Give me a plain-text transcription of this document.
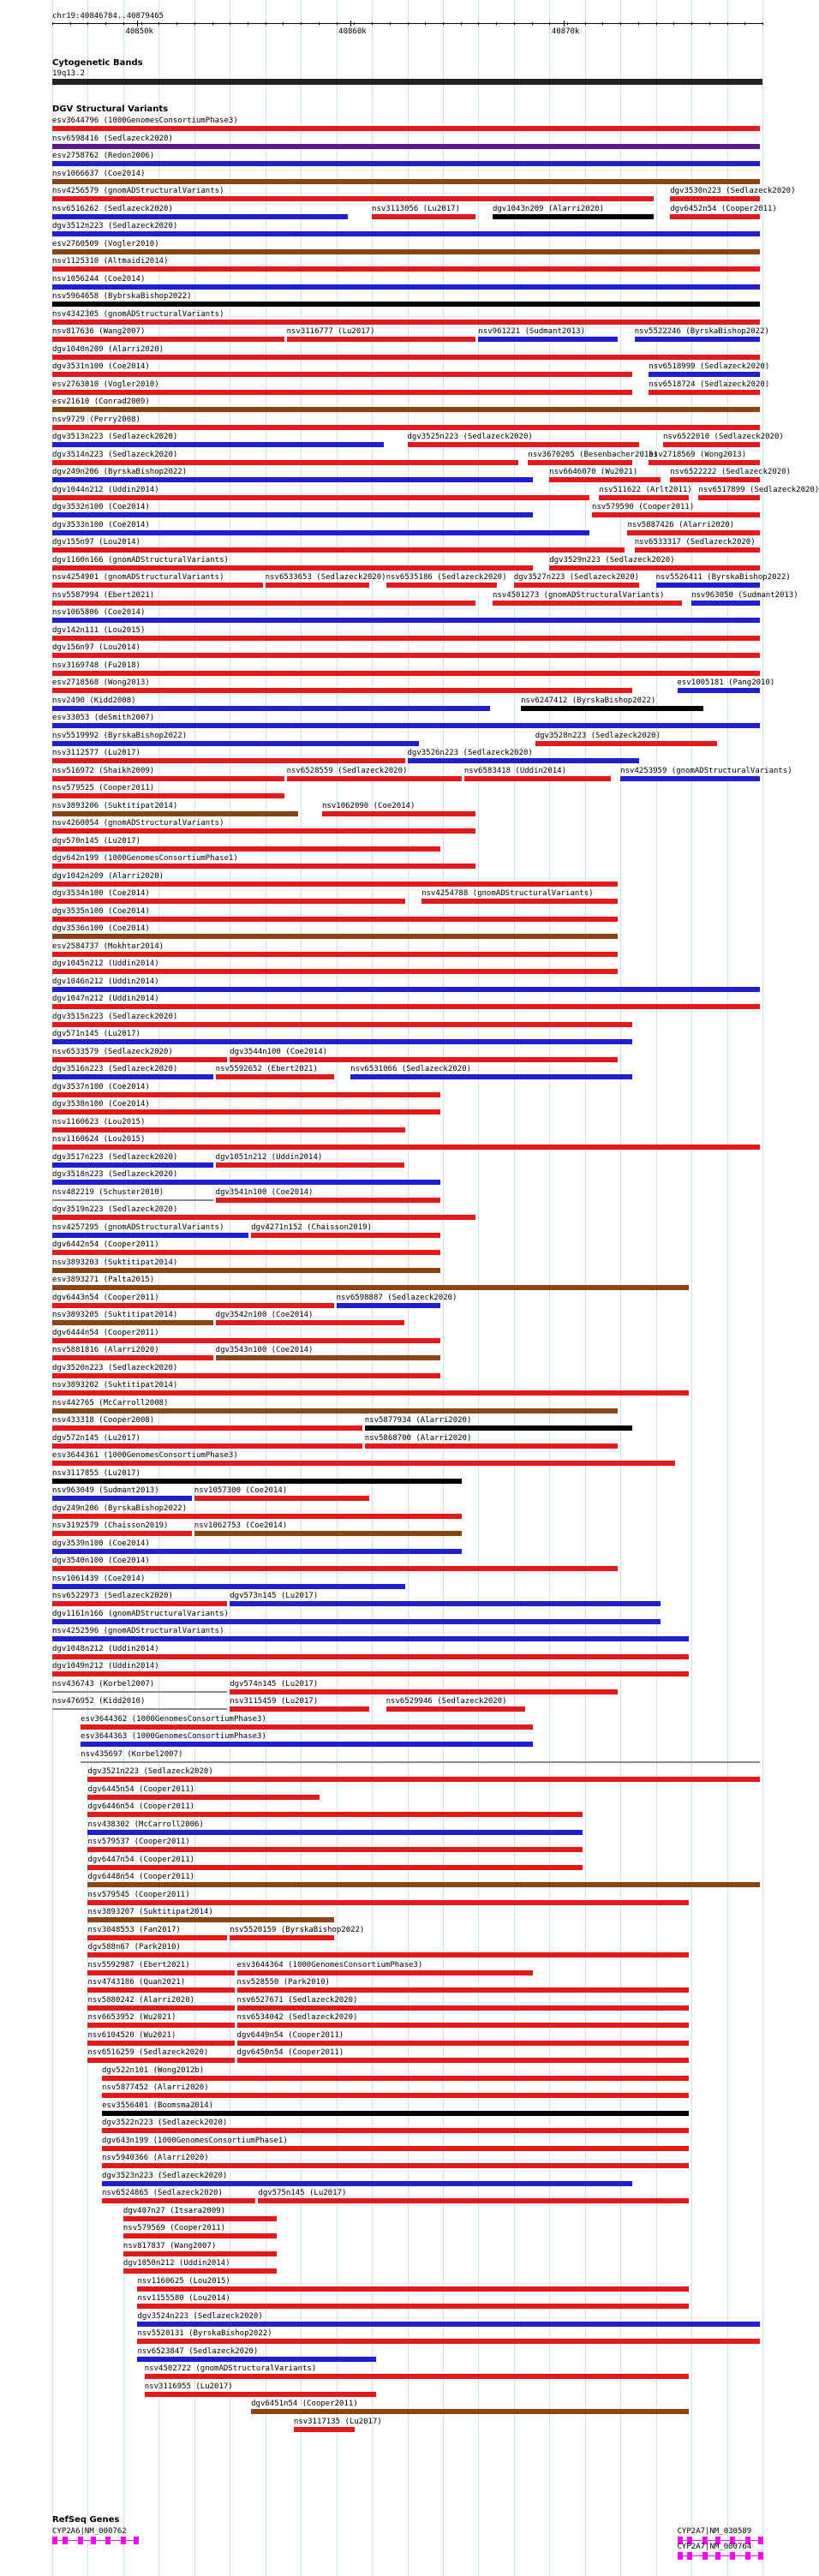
chr19:40846784..40879465
40850k	40860k	40870k
Cytogenetic Bands
19q13.2
DGV Structural Variants
esv3644796 (1000GenomesConsortiumPhase3)
nsv6598416 (Sedlazeck2020)
esv2758762 (Redon2006)
nsv1066637 (Coe2014)
nsv4256579 (gnomADStructuralVariants)	dgv3530n223 (Sedlazeck2020)
nsv6516262 (Sedlazeck2020)	nsv3113056 (Lu2017)	dgv1043n209 (Alarri2020)	dgv6452n54 (Cooper2011)
dgv3512n223 (Sedlazeck2020)
esv2760509 (Vogler2010)
nsv1125310 (Altmaidi2014)
nsv1056244 (Coe2014)
nsv5964658 (BybrskaBishop2022)
nsv4342305 (gnomADStructuralVariants)
nsv817636 (Wang2007)	nsv3116777 (Lu2017)	nsv961221 (Sudmant2013)	nsv5522246 (ByrskaBishop2022)
dgv1040n209 (Alarri2020)
dgv3531n100 (Coe2014)	nsv6518999 (Sedlazeck2020)
esv2763010 (Vogler2010)	nsv6518724 (Sedlazeck2020)
esv21610 (Conrad2009)
nsv9729 (Perry2008)
dgv3513n223 (Sedlazeck2020)	dgv3525n223 (Sedlazeck2020)	nsv6522010 (Sedlazeck2020)
dgv3514n223 (Sedlazeck2020)	nsv3670205 (Besenbacher2015)
esv2718569 (Wong2013)
dgv249n206 (ByrskaBishop2022)	nsv6646070 (Wu2021)	nsv6522222 (Sedlazeck2020)
dgv1044n212 (Uddin2014)	nsv511622 (Arlt2011) nsv6517899 (Sedlazeck2020)
dgv3532n100 (Coe2014)	nsv579590 (Cooper2011)
dgv3533n100 (Coe2014)	nsv5887426 (Alarri2020)
dgv155n97 (Lou2014)	nsv6533317 (Sedlazeck2020)
dgv1160n166 (gnomADStructuralVariants)	dgv3529n223 (Sedlazeck2020)
nsv4254901 (gnomADStructuralVariants)	nsv6533653 (Sedlazeck2020) nsv6535186 (Sedlazeck2020) dgv3527n223 (Sedlazeck2020) nsv5526411 (ByrskaBishop2022)
nsv5587994 (Ebert2021)	nsv4501273 (gnomADStructuralVariants)	nsv963050 (Sudmant2013)
nsv1065806 (Coe2014)
dgv142n111 (Lou2015)
dgv156n97 (Lou2014)
nsv3169748 (Fu2018)
esv2718568 (Wong2013)	esv1005181 (Pang2010)
nsv2490 (Kidd2008)	nsv6247412 (ByrskaBishop2022)
esv33053 (deSmith2007)
nsv5519992 (ByrskaBishop2022)	dgv3528n223 (Sedlazeck2020)
nsv3112577 (Lu2017)	dgv3526n223 (Sedlazeck2020)
nsv516972 (Shaikh2009)	nsv6528559 (Sedlazeck2020)	nsv6583418 (Uddin2014)	nsv4253959 (gnomADStructuralVariants)
nsv579525 (Cooper2011)
nsv3893206 (Suktitipat2014)	nsv1062090 (Coe2014)
nsv4260054 (gnomADStructuralVariants)
dgv570n145 (Lu2017)
dgv642n199 (1000GenomesConsortiumPhase1)
dgv1042n209 (Alarri2020)
dgv3534n100 (Coe2014)	nsv4254788 (gnomADStructuralVariants)
dgv3535n100 (Coe2014)
dgv3536n100 (Coe2014)
esv2584737 (Mokhtar2014)
dgv1045n212 (Uddin2014)
dgv1046n212 (Uddin2014)
dgv1047n212 (Uddin2014)
dgv3515n223 (Sedlazeck2020)
dgv571n145 (Lu2017)
nsv6533579 (Sedlazeck2020)	dgv3544n100 (Coe2014)
dgv3516n223 (Sedlazeck2020)	nsv5592652 (Ebert2021)	nsv6531066 (Sedlazeck2020)
dgv3537n100 (Coe2014)
dgv3538n100 (Coe2014)
nsv1160623 (Lou2015)
nsv1160624 (Lou2015)
dgv3517n223 (Sedlazeck2020)	dgv1051n212 (Uddin2014)
dgv3518n223 (Sedlazeck2020)
nsv482219 (Schuster2010)	dgv3541n100 (Coe2014)
dgv3519n223 (Sedlazeck2020)
nsv4257295 (gnomADStructuralVariants)	dgv4271n152 (Chaisson2019)
dgv6442n54 (Cooper2011)
nsv3893203 (Suktitipat2014)
esv3893271 (Palta2015)
dgv6443n54 (Cooper2011)	nsv6598887 (Sedlazeck2020)
nsv3893205 (Suktitipat2014)	dgv3542n100 (Coe2014)
dgv6444n54 (Cooper2011)
nsv5881816 (Alarri2020)	dgv3543n100 (Coe2014)
dgv3520n223 (Sedlazeck2020)
nsv3893202 (Suktitipat2014)
nsv442765 (McCarroll2008)
nsv433318 (Cooper2008)	nsv5877934 (Alarri2020)
dgv572n145 (Lu2017)	nsv5868700 (Alarri2020)
esv3644361 (1000GenomesConsortiumPhase3)
nsv3117855 (Lu2017)
nsv963049 (Sudmant2013)	nsv1057300 (Coe2014)
dgv249n206 (ByrskaBishop2022)
nsv3192579 (Chaisson2019)	nsv1062753 (Coe2014)
dgv3539n100 (Coe2014)
dgv3540n100 (Coe2014)
nsv1061439 (Coe2014)
nsv6522973 (Sedlazeck2020)	dgv573n145 (Lu2017)
dgv1161n166 (gnomADStructuralVariants)
nsv4252596 (gnomADStructuralVariants)
dgv1048n212 (Uddin2014)
dgv1049n212 (Uddin2014)
nsv436743 (Korbel2007)	dgv574n145 (Lu2017)
nsv476952 (Kidd2010)	nsv3115459 (Lu2017)	nsv6529946 (Sedlazeck2020)
esv3644362 (1000GenomesConsortiumPhase3)
esv3644363 (1000GenomesConsortiumPhase3)
nsv435697 (Korbel2007)
dgv3521n223 (Sedlazeck2020)
dgv6445n54 (Cooper2011)
dgv6446n54 (Cooper2011)
nsv438302 (McCarroll2006)
nsv579537 (Cooper2011)
dgv6447n54 (Cooper2011)
dgv6448n54 (Cooper2011)
nsv579545 (Cooper2011)
nsv3893207 (Suktitipat2014)
nsv3048553 (Fan2017)	nsv5520159 (ByrskaBishop2022)
dgv588n67 (Park2010)
nsv5592987 (Ebert2021)	esv3644364 (1000GenomesConsortiumPhase3)
nsv4743186 (Quan2021)	nsv528550 (Park2010)
nsv5880242 (Alarri2020)	nsv6527671 (Sedlazeck2020)
nsv6653952 (Wu2021)	nsv6534042 (Sedlazeck2020)
nsv6104520 (Wu2021)	dgv6449n54 (Cooper2011)
nsv6516259 (Sedlazeck2020)	dgv6450n54 (Cooper2011)
dgv522n101 (Wong2012b)
nsv5877452 (Alarri2020)
esv3556401 (Boomsma2014)
dgv3522n223 (Sedlazeck2020)
dgv643n199 (1000GenomesConsortiumPhase1)
nsv5940366 (Alarri2020)
dgv3523n223 (Sedlazeck2020)
nsv6524865 (Sedlazeck2020)	dgv575n145 (Lu2017)
dgv407n27 (Itsara2009)
nsv579569 (Cooper2011)
nsv817837 (Wang2007)
dgv1050n212 (Uddin2014)
nsv1160625 (Lou2015)
nsv1155580 (Lou2014)
dgv3524n223 (Sedlazeck2020)
nsv5520131 (ByrskaBishop2022)
nsv6523847 (Sedlazeck2020)
nsv4502722 (gnomADStructuralVariants)
nsv3116955 (Lu2017)
dgv6451n54 (Cooper2011)
nsv3117135 (Lu2017)
RefSeq Genes
CYP2A6|NM_000762	CYP2A7|NM_030589
CYP2A7|NM_000764
